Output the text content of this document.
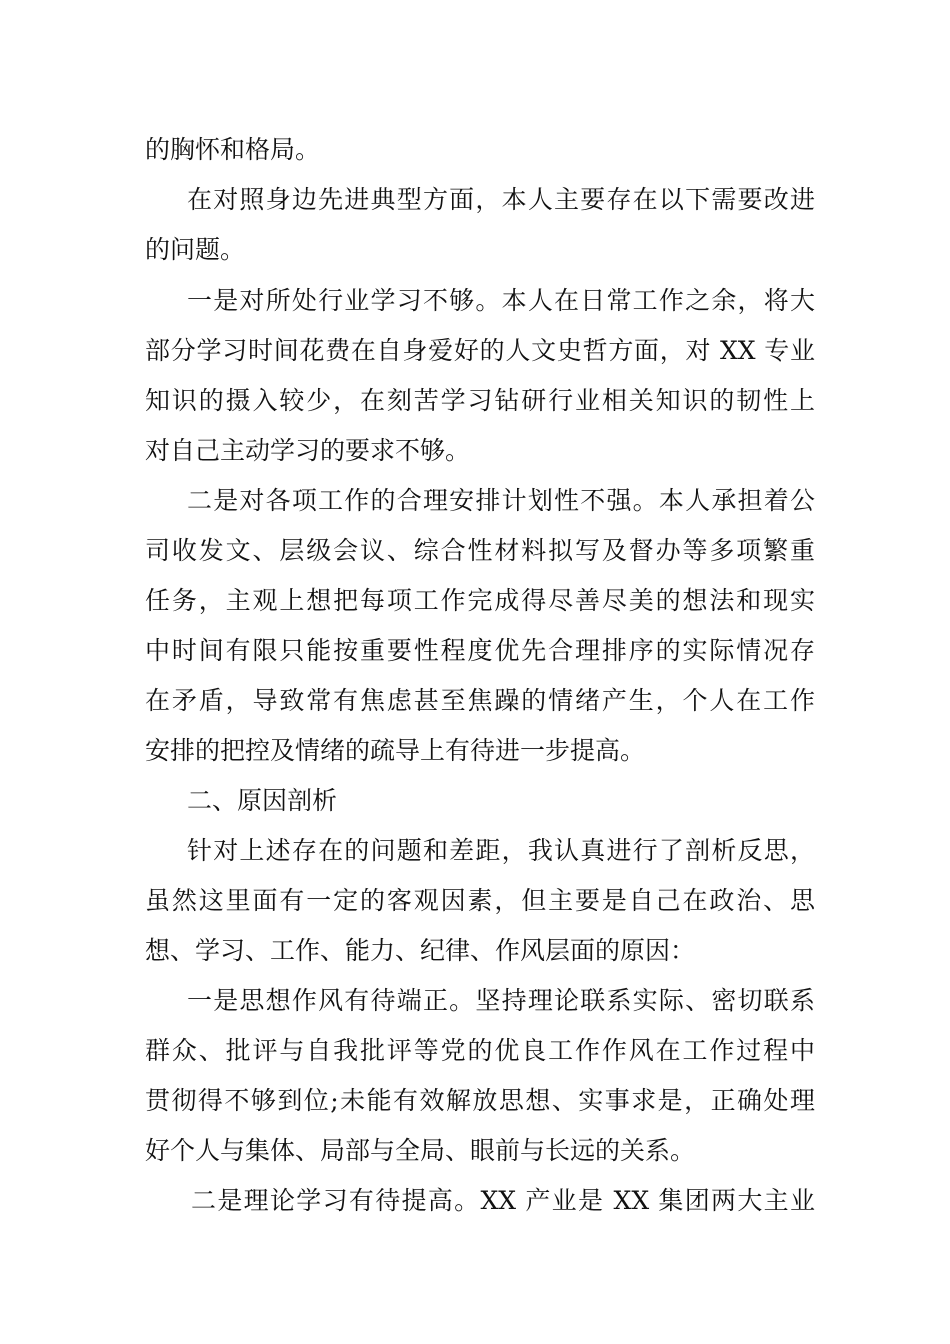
的胸怀和格局。
在对照身边先进典型方面，本人主要存在以下需要改进
的问题。
一是对所处行业学习不够。本人在日常工作之余，将大
部分学习时间花费在自身爱好的人文史哲方面，对 XX 专业
知识的摄入较少，在刻苦学习钻研行业相关知识的韧性上
对自己主动学习的要求不够。
二是对各项工作的合理安排计划性不强。本人承担着公
司收发文、层级会议、综合性材料拟写及督办等多项繁重
任务，主观上想把每项工作完成得尽善尽美的想法和现实
中时间有限只能按重要性程度优先合理排序的实际情况存
在矛盾，导致常有焦虑甚至焦躁的情绪产生，个人在工作
安排的把控及情绪的疏导上有待进一步提高。
二、原因剖析
针对上述存在的问题和差距，我认真进行了剖析反思，
虽然这里面有一定的客观因素，但主要是自己在政治、思
想、学习、工作、能力、纪律、作风层面的原因：
一是思想作风有待端正。坚持理论联系实际、密切联系
群众、批评与自我批评等党的优良工作作风在工作过程中
贯彻得不够到位;未能有效解放思想、实事求是，正确处理
好个人与集体、局部与全局、眼前与长远的关系。
二是理论学习有待提高。XX 产业是 XX 集团两大主业
